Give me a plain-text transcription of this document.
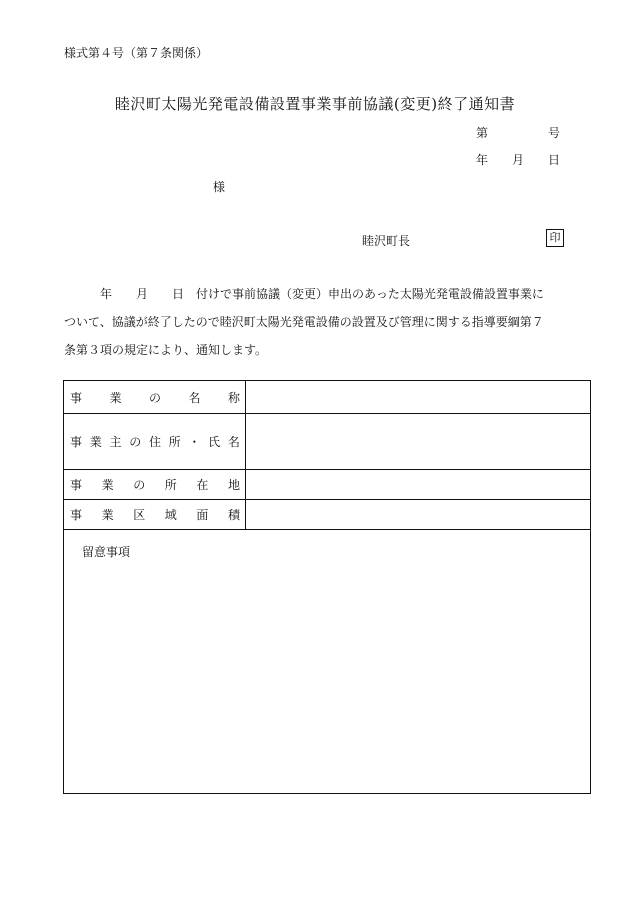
様式第４号（第７条関係）
睦沢町太陽光発電設備設置事業事前協議(変更)終了通知書
第	号
年 月 日
様
睦沢町長	印
年　　月　　日　付けで事前協議（変更）申出のあった太陽光発電設備設置事業に
ついて、協議が終了したので睦沢町太陽光発電設備の設置及び管理に関する指導要綱第７
条第３項の規定により、通知します。
事 業 の 名 称
事 業 主 の 住 所 ・ 氏 名
事 業 の 所 在 地
事 業 区 域 面 積
留意事項
